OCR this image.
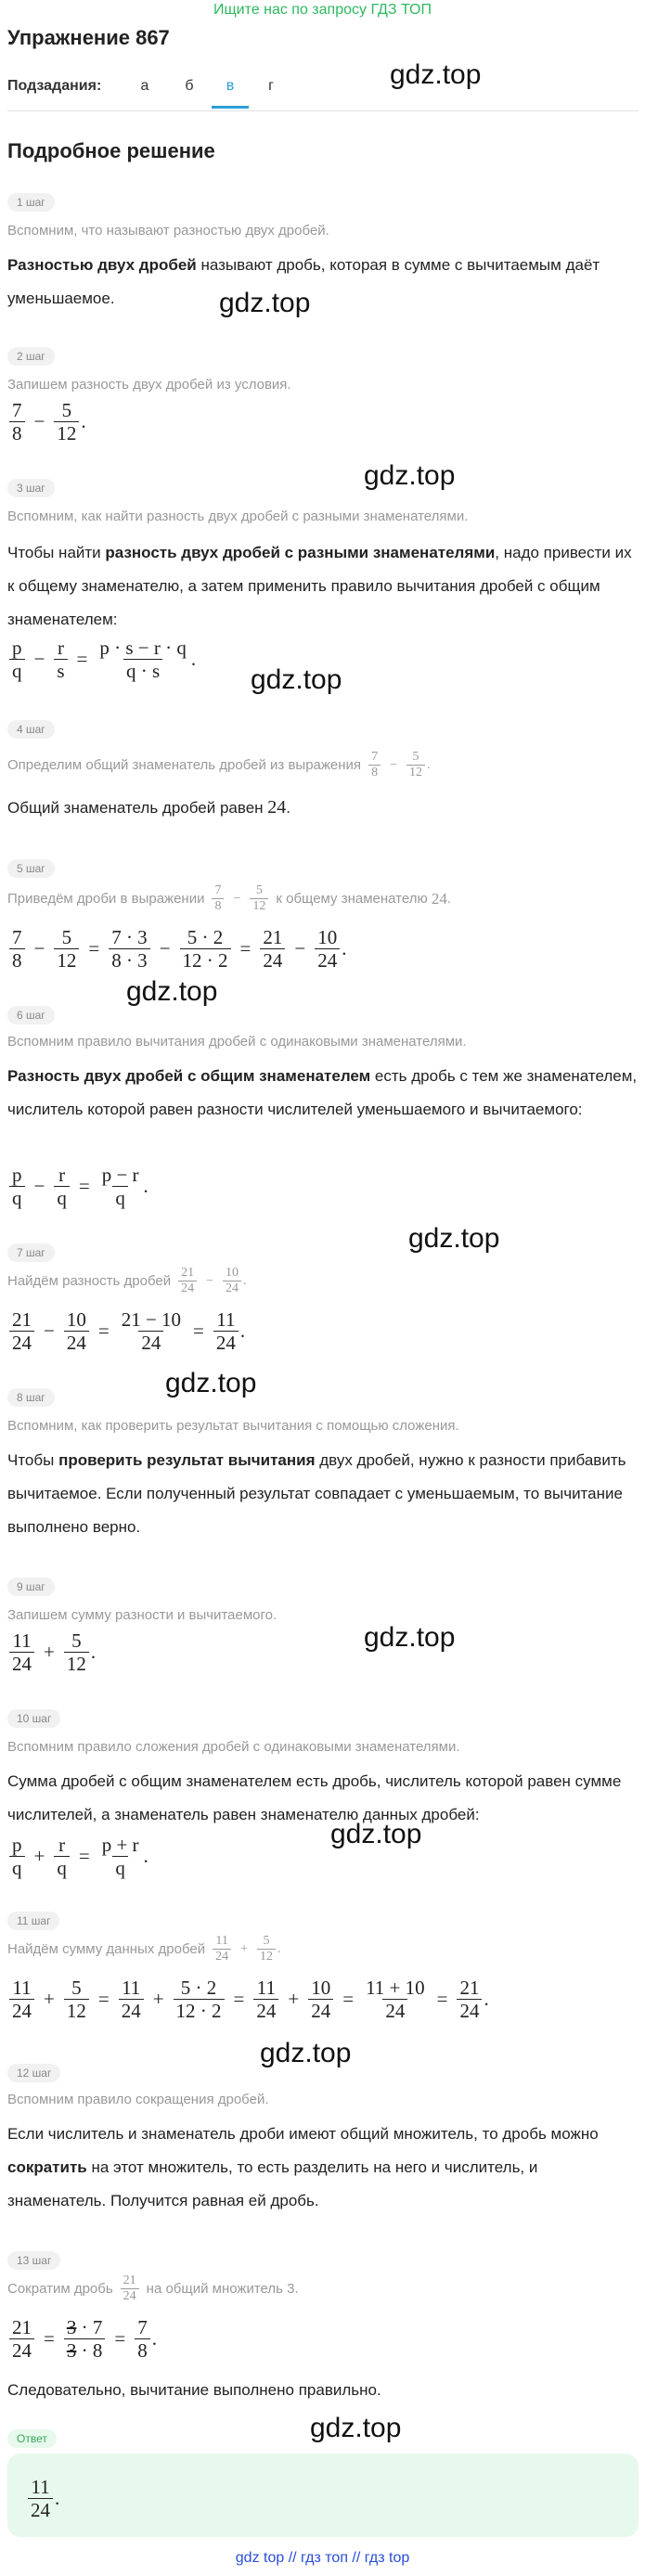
Ищите нас по запросу ГДЗ ТОП
Упражнение 867
Подзадания:	а	б	в	г
Подробное решение
gdz.top
gdz.top
gdz.top
gdz.top
gdz.top
gdz.top
gdz.top
gdz.top
gdz.top
gdz.top
gdz.top
1 шаг
Вспомним, что называют разностью двух дробей.
Разностью двух дробей называют дробь, которая в сумме с вычитаемым даёт уменьшаемое.
2 шаг
Запишем разность двух дробей из условия.
$\frac{7}{8} - \frac{5}{12}$ .
3 шаг
Вспомним, как найти разность двух дробей с разными знаменателями.
Чтобы найти разность двух дробей с разными знаменателями, надо привести их к общему знаменателю, а затем применить правило вычитания дробей с общим знаменателем:
$\frac{p}{q} - \frac{r}{s} = \frac{p \cdot s - r \cdot q}{q \cdot s}$ .
4 шаг
Определим общий знаменатель дробей из выражения $\frac{7}{8} - \frac{5}{12}$ .
Общий знаменатель дробей равен 24.
5 шаг
Приведём дроби в выражении $\frac{7}{8} - \frac{5}{12}$ к общему знаменателю
24 .
$\frac{7}{8} - \frac{5}{12} = \frac{7 \cdot 3}{8 \cdot 3} - \frac{5 \cdot 2}{12 \cdot 2} = \frac{21}{24} - \frac{10}{24}$ .
6 шаг
Вспомним правило вычитания дробей с одинаковыми знаменателями.
Разность двух дробей с общим знаменателем есть дробь с тем же знаменателем, числитель которой равен разности числителей уменьшаемого и вычитаемого:
$\frac{p}{q} - \frac{r}{q} = \frac{p - r}{q}$ .
7 шаг
Найдём разность дробей $\frac{21}{24} - \frac{10}{24}$ .
$\frac{21}{24} - \frac{10}{24} = \frac{21 - 10}{24} = \frac{11}{24}$ .
8 шаг
Вспомним, как проверить результат вычитания с помощью сложения.
Чтобы проверить результат вычитания двух дробей, нужно к разности прибавить вычитаемое. Если полученный результат совпадает с уменьшаемым, то вычитание выполнено верно.
9 шаг
Запишем сумму разности и вычитаемого.
$\frac{11}{24} + \frac{5}{12}$ .
10 шаг
Вспомним правило сложения дробей с одинаковыми знаменателями.
Сумма дробей с общим знаменателем есть дробь, числитель которой равен сумме числителей, а знаменатель равен знаменателю данных дробей:
$\frac{p}{q} + \frac{r}{q} = \frac{p + r}{q}$ .
11 шаг
Найдём сумму данных дробей $\frac{11}{24} + \frac{5}{12}$ .
$\frac{11}{24} + \frac{5}{12} = \frac{11}{24} + \frac{5 \cdot 2}{12 \cdot 2} = \frac{11}{24} + \frac{10}{24} = \frac{11 + 10}{24} = \frac{21}{24}$ .
12 шаг
Вспомним правило сокращения дробей.
Если числитель и знаменатель дроби имеют общий множитель, то дробь можно сократить на этот множитель, то есть разделить на него и числитель, и знаменатель. Получится равная ей дробь.
13 шаг
Сократим дробь $\frac{21}{24}$ на общий множитель 3.
$\frac{21}{24} = \frac{3 \cdot 7}{3 \cdot 8} = \frac{7}{8}$ .
Следовательно, вычитание выполнено правильно.
Ответ
$\frac{11}{24}$ .
gdz top // гдз топ // гдз top
